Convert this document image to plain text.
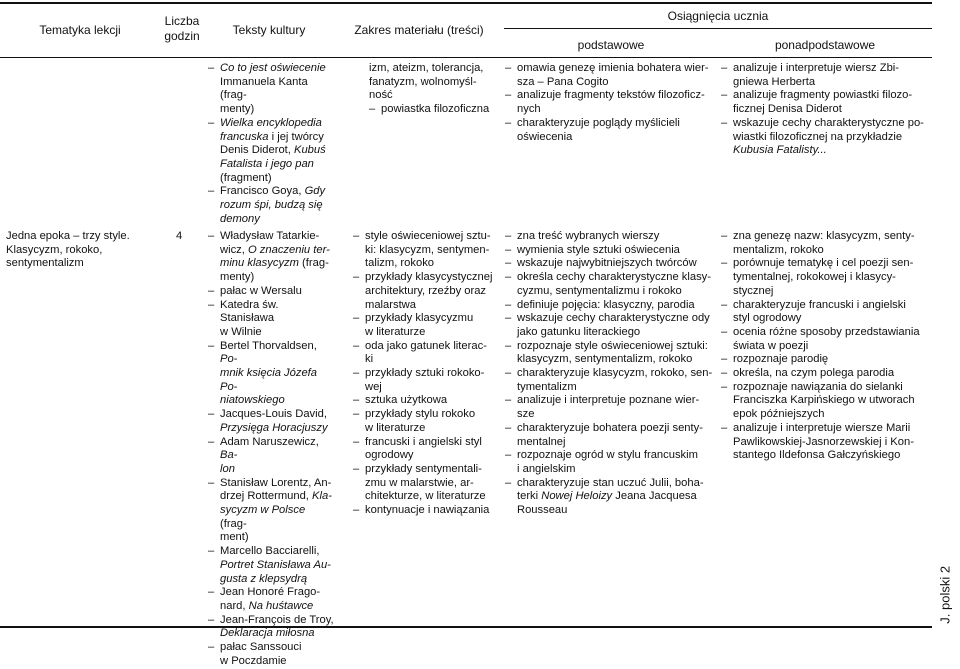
Tematyka lekcji
Liczba
godzin	Teksty kultury	Zakres materiału (treści)
Osiągnięcia ucznia
podstawowe	ponadpodstawowe

– Co to jest oświecenie

Immanuela Kanta (frag-

menty)

– Wielka encyklopedia

francuska i jej twórcy

Denis Diderot, Kubuś

Fatalista i jego pan

(fragment)

– Francisco Goya, Gdy

rozum śpi, budzą się

demony

izm, ateizm, tolerancja,

fanatyzm, wolnomyśl-

ność

– powiastka filozoficzna

– omawia genezę imienia bohatera wier-

sza – Pana Cogito

– analizuje fragmenty tekstów filozoficz-

nych

– charakteryzuje poglądy myślicieli

oświecenia

– analizuje i interpretuje wiersz Zbi-

gniewa Herberta

– analizuje fragmenty powiastki filozo-

ficznej Denisa Diderot

– wskazuje cechy charakterystyczne po-

wiastki filozoficznej na przykładzie

Kubusia Fatalisty...

Jedna epoka – trzy style.

Klasycyzm, rokoko,

sentymentalizm

4

–	Władysław Tatarkie-

wicz, O znaczeniu ter-

minu klasycyzm (frag-

menty)

– pałac w Wersalu

– Katedra św. Stanisława

w Wilnie

– Bertel Thorvaldsen, Po-

mnik księcia Józefa Po-

niatowskiego

– Jacques-Louis David,

Przysięga Horacjuszy

– Adam Naruszewicz, Ba-

lon

– Stanisław Lorentz, An-

drzej Rottermund, Kla-

sycyzm w Polsce (frag-

ment)

– Marcello Bacciarelli,

Portret Stanisława Au-

gusta z klepsydrą

– Jean Honoré Frago-

nard, Na huśtawce

– Jean-François de Troy,

Deklaracja miłosna

– pałac Sanssouci

w Poczdamie

– style oświeceniowej sztu-

ki: klasycyzm, sentymen-

talizm, rokoko

– przykłady klasycystycznej

architektury, rzeźby oraz

malarstwa

– przykłady klasycyzmu

w literaturze

– oda jako gatunek literac-

ki

– przykłady sztuki rokoko-

wej

– sztuka użytkowa

– przykłady stylu rokoko

w literaturze

– francuski i angielski styl

ogrodowy

– przykłady sentymentali-

zmu w malarstwie, ar-

chitekturze, w literaturze

– kontynuacje i nawiązania

– zna treść wybranych wierszy

– wymienia style sztuki oświecenia

– wskazuje najwybitniejszych twórców

– określa cechy charakterystyczne klasy-

cyzmu, sentymentalizmu i rokoko

– definiuje pojęcia: klasyczny, parodia

– wskazuje cechy charakterystyczne ody

jako gatunku literackiego

– rozpoznaje style oświeceniowej sztuki:

klasycyzm, sentymentalizm, rokoko

– charakteryzuje klasycyzm, rokoko, sen-

tymentalizm

– analizuje i interpretuje poznane wier-

sze

– charakteryzuje bohatera poezji senty-

mentalnej

– rozpoznaje ogród w stylu francuskim

i angielskim

– charakteryzuje stan uczuć Julii, boha-

terki Nowej Heloizy Jeana Jacquesa

Rousseau

– zna genezę nazw: klasycyzm, senty-

mentalizm, rokoko

– porównuje tematykę i cel poezji sen-

tymentalnej, rokokowej i klasycy-

stycznej

– charakteryzuje francuski i angielski

styl ogrodowy

– ocenia różne sposoby przedstawiania

świata w poezji

– rozpoznaje parodię

– określa, na czym polega parodia

– rozpoznaje nawiązania do sielanki

Franciszka Karpińskiego w utworach

epok późniejszych

– analizuje i interpretuje wiersze Marii

Pawlikowskiej-Jasnorzewskiej i Kon-

stantego Ildefonsa Gałczyńskiego

J. polski 2
